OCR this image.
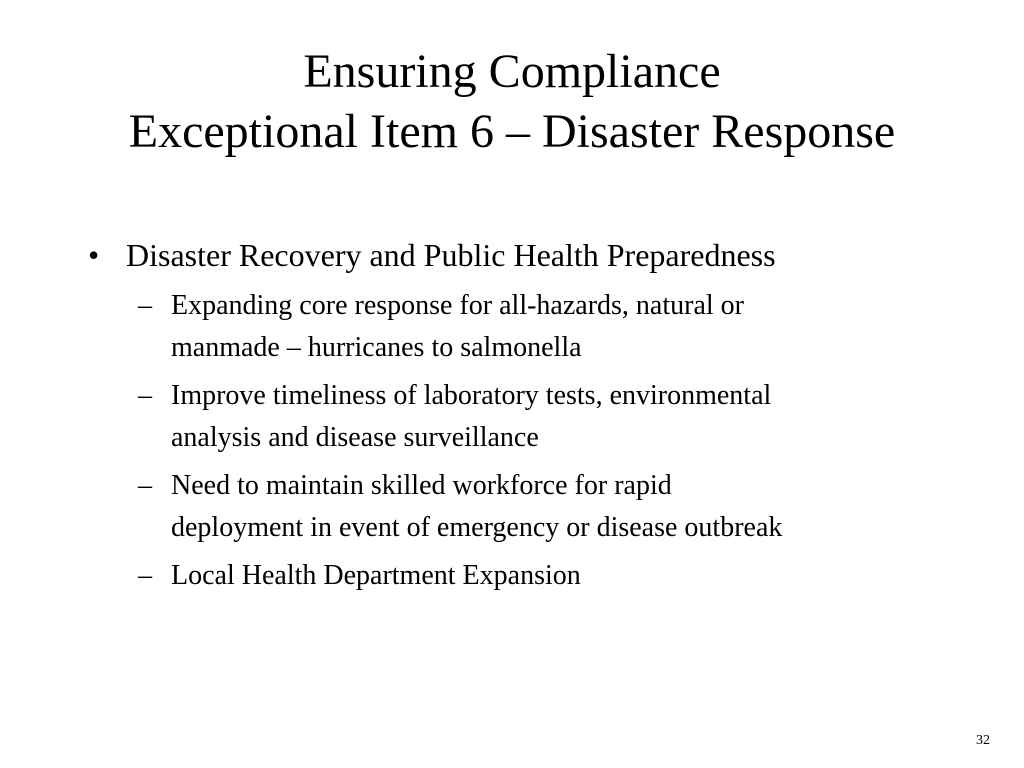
Ensuring Compliance
Exceptional Item 6 – Disaster Response
• Disaster Recovery and Public Health Preparedness
– Expanding core response for all-hazards, natural or
manmade – hurricanes to salmonella
– Improve timeliness of laboratory tests, environmental
analysis and disease surveillance
– Need to maintain skilled workforce for rapid
deployment in event of emergency or disease outbreak
– Local Health Department Expansion
32
